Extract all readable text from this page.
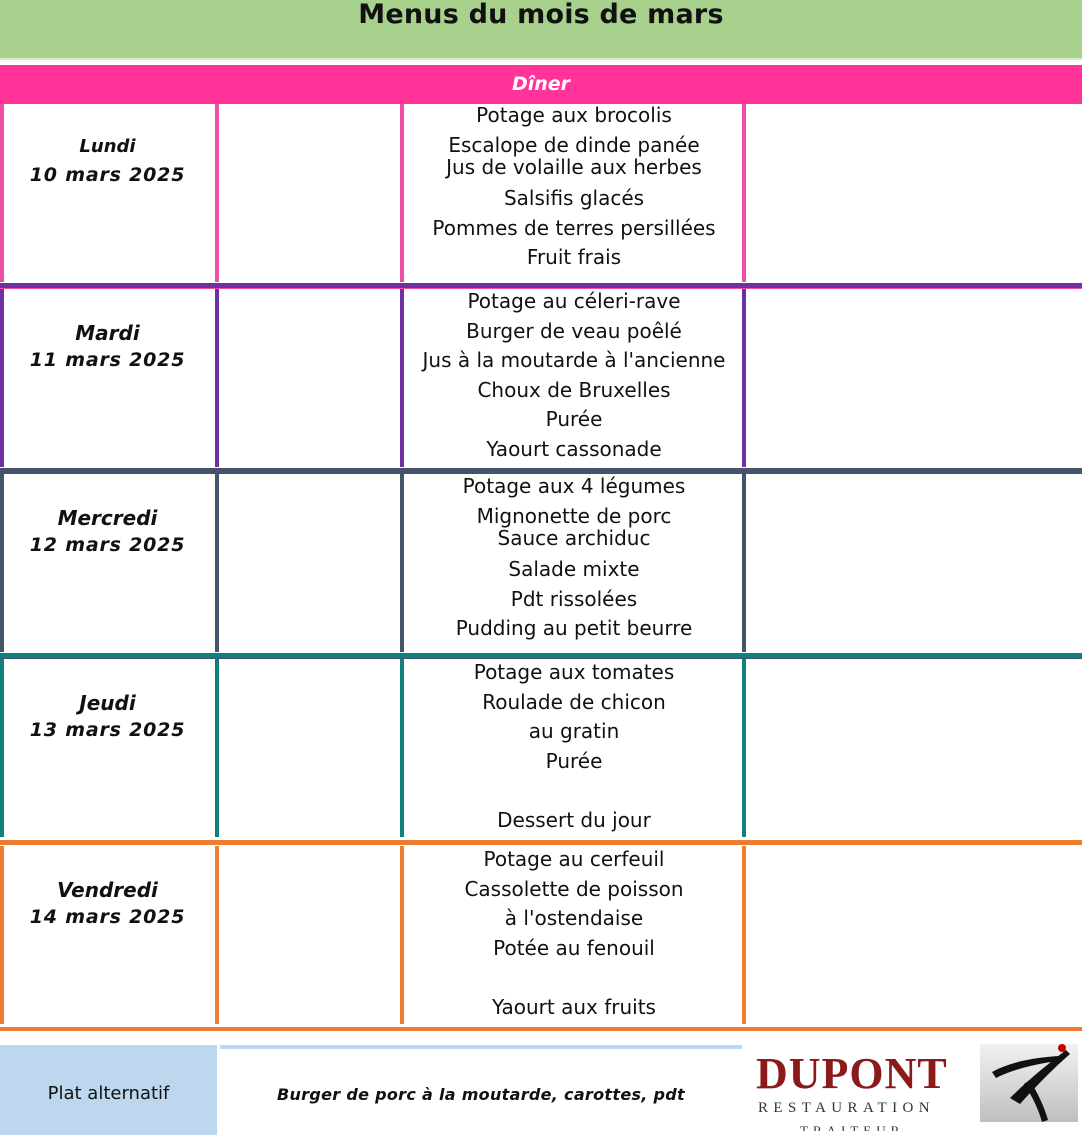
Menus du mois de mars
Dîner
Lundi
10 mars 2025
Potage aux brocolis
Escalope de dinde panée
Jus de volaille aux herbes
Salsifis glacés
Pommes de terres persillées
Fruit frais
Mardi
11 mars 2025
Potage au céleri-rave
Burger de veau poêlé
Jus à la moutarde à l'ancienne
Choux de Bruxelles
Purée
Yaourt cassonade
Mercredi
12 mars 2025
Potage aux 4 légumes
Mignonette de porc
Sauce archiduc
Salade mixte
Pdt rissolées
Pudding au petit beurre
Jeudi
13 mars 2025
Potage aux tomates
Roulade de chicon
au gratin
Purée
Dessert du jour
Vendredi
14 mars 2025
Potage au cerfeuil
Cassolette de poisson
à l'ostendaise
Potée au fenouil
Yaourt aux fruits
Plat alternatif	Burger de porc à la moutarde, carottes, pdt	DUPONT
RESTAURATION
TRAITEUR
